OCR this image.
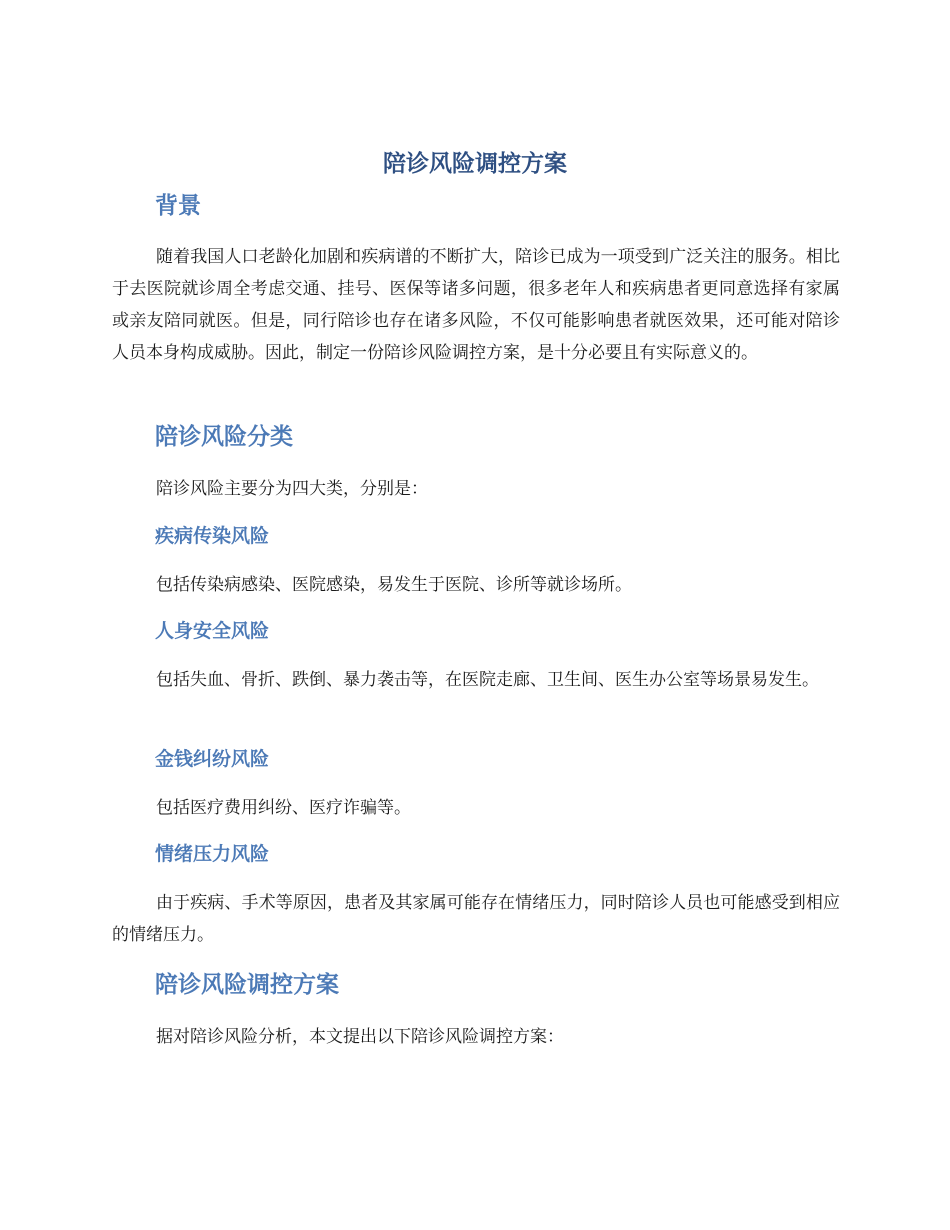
陪诊风险调控方案
背景

随着我国人口老龄化加剧和疾病谱的不断扩大，陪诊已成为一项受到广泛关注的服务。相比于去医院就诊周全考虑交通、挂号、医保等诸多问题，很多老年人和疾病患者更同意选择有家属或亲友陪同就医。但是，同行陪诊也存在诸多风险，不仅可能影响患者就医效果，还可能对陪诊人员本身构成威胁。因此，制定一份陪诊风险调控方案，是十分必要且有实际意义的。

陪诊风险分类

陪诊风险主要分为四大类，分别是：

疾病传染风险

包括传染病感染、医院感染，易发生于医院、诊所等就诊场所。

人身安全风险

包括失血、骨折、跌倒、暴力袭击等，在医院走廊、卫生间、医生办公室等场景易发生。

金钱纠纷风险

包括医疗费用纠纷、医疗诈骗等。

情绪压力风险

由于疾病、手术等原因，患者及其家属可能存在情绪压力，同时陪诊人员也可能感受到相应的情绪压力。

陪诊风险调控方案

据对陪诊风险分析，本文提出以下陪诊风险调控方案：
